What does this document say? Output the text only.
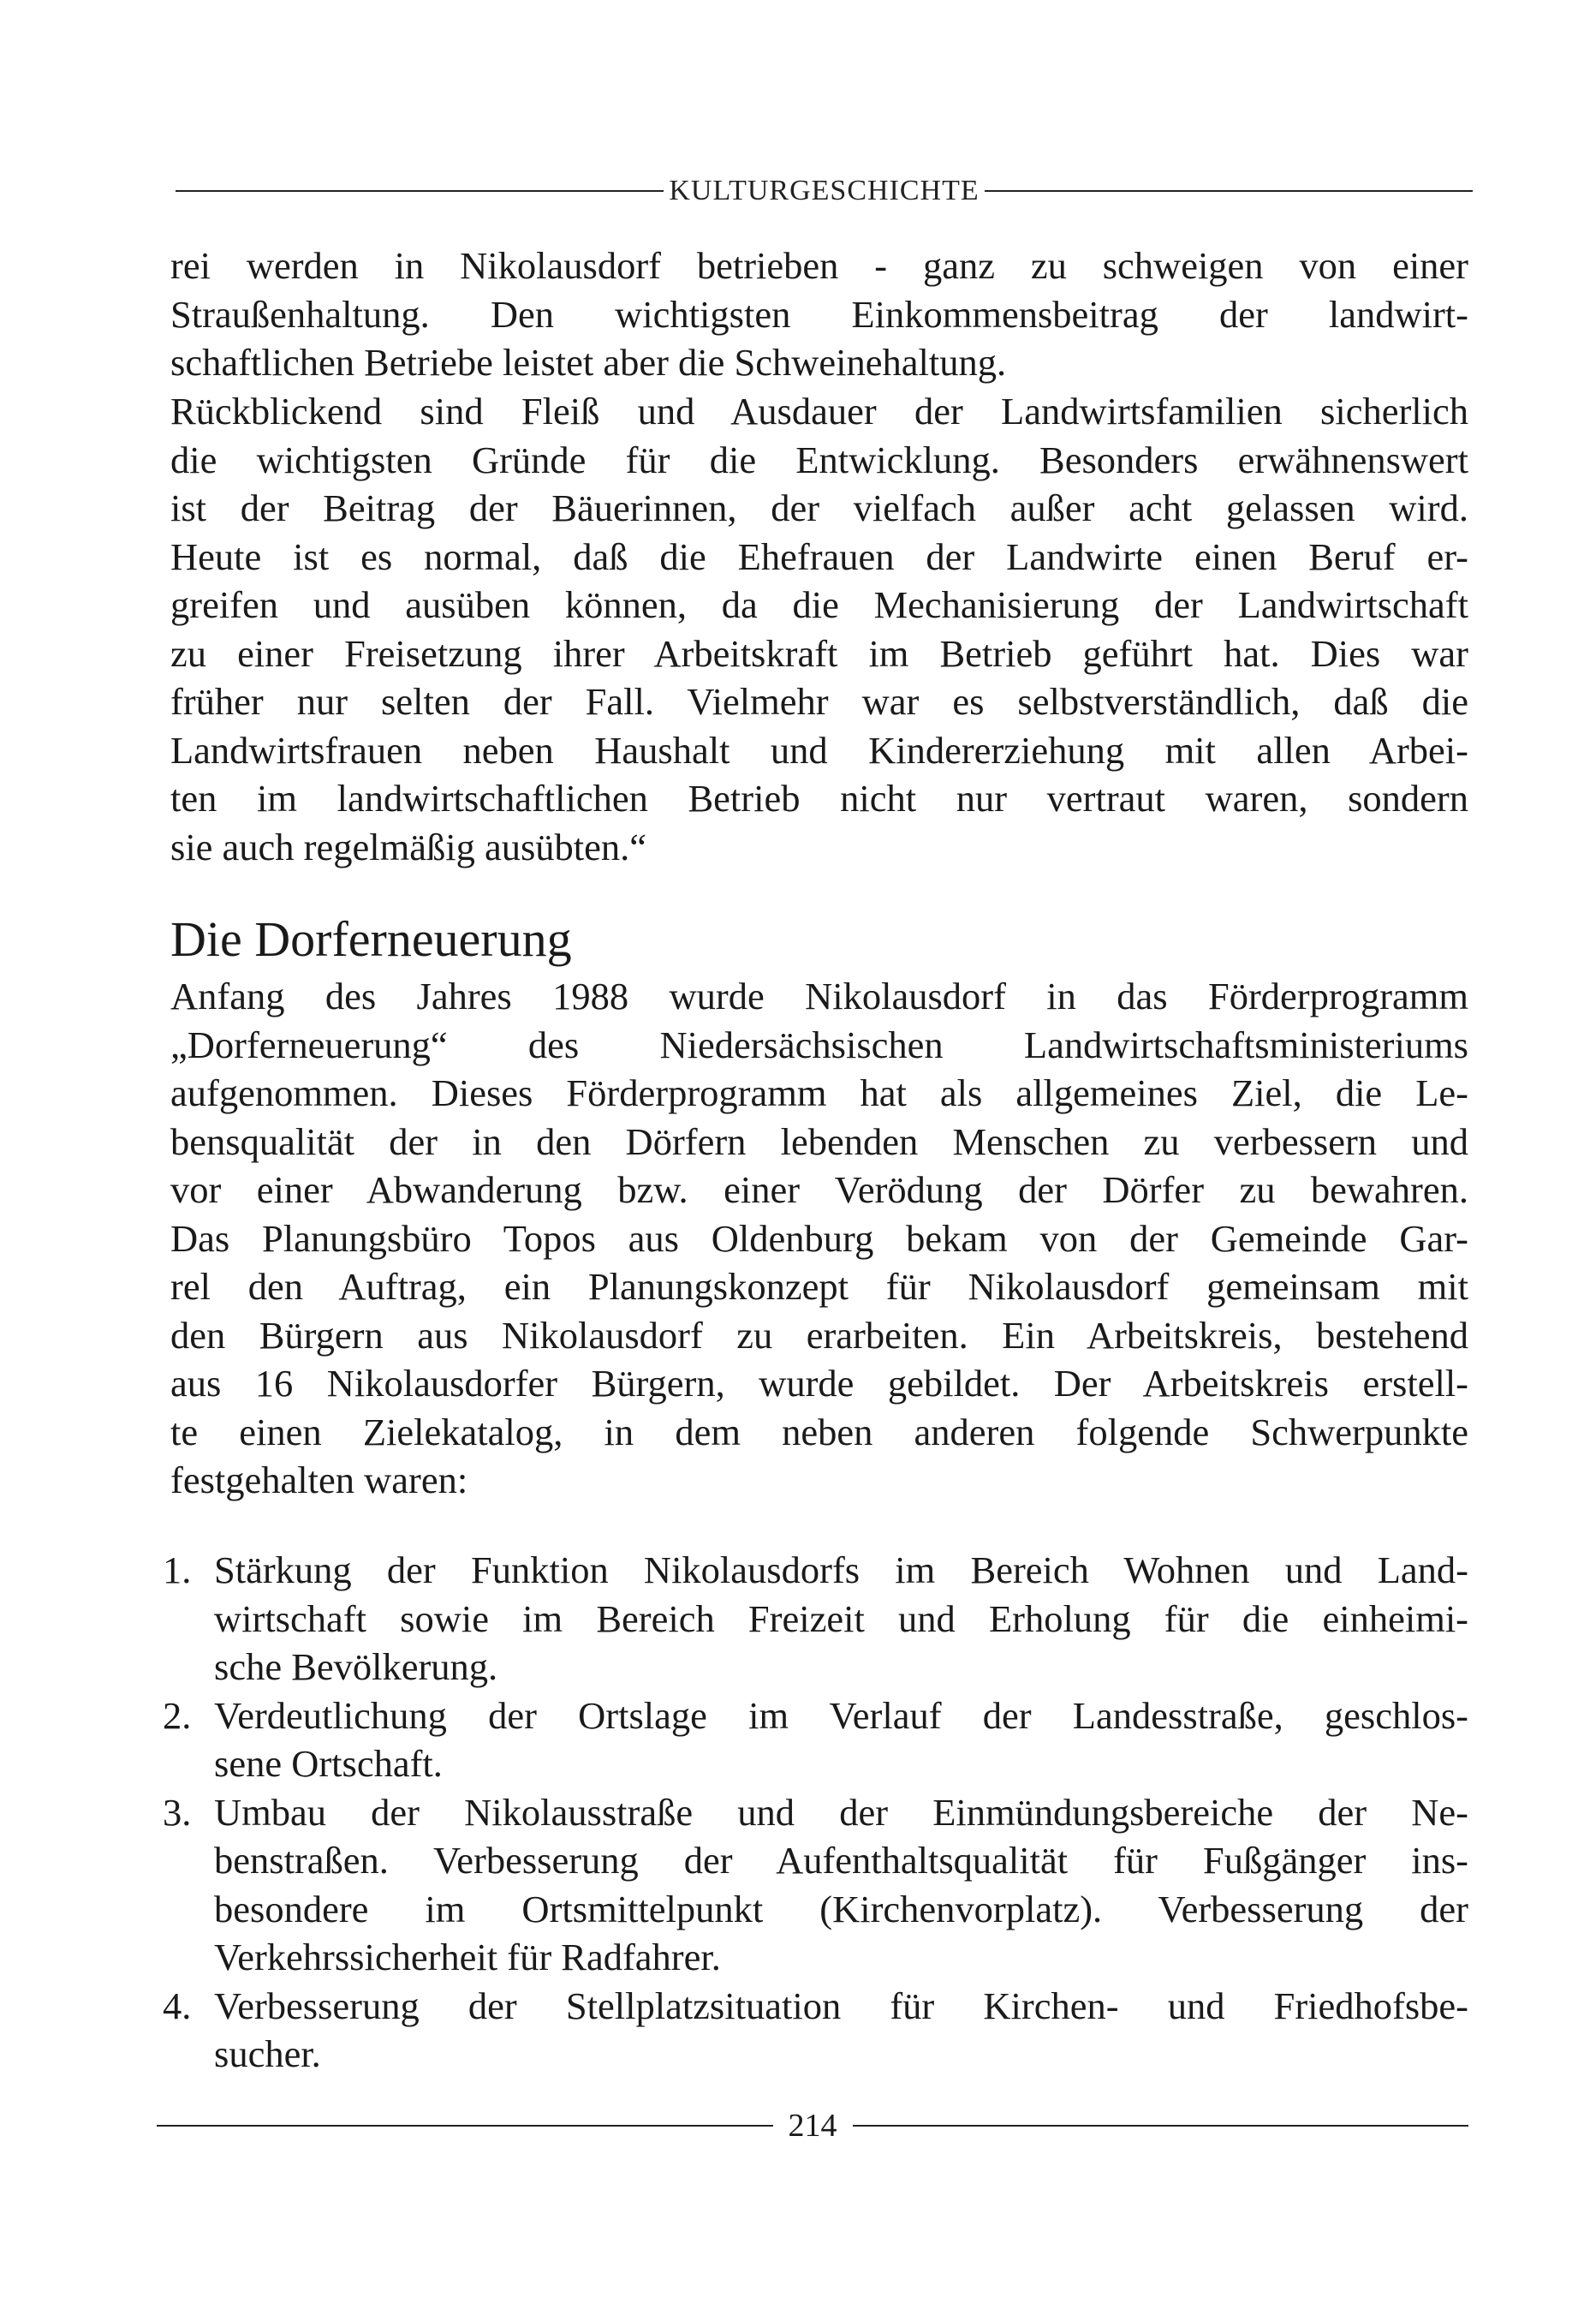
KULTURGESCHICHTE

rei werden in Nikolausdorf betrieben - ganz zu schweigen von einer
Straußenhaltung. Den wichtigsten Einkommensbeitrag der landwirt-
schaftlichen Betriebe leistet aber die Schweinehaltung.

Rückblickend sind Fleiß und Ausdauer der Landwirtsfamilien sicherlich
die wichtigsten Gründe für die Entwicklung. Besonders erwähnenswert
ist der Beitrag der Bäuerinnen, der vielfach außer acht gelassen wird.
Heute ist es normal, daß die Ehefrauen der Landwirte einen Beruf er-
greifen und ausüben können, da die Mechanisierung der Landwirtschaft
zu einer Freisetzung ihrer Arbeitskraft im Betrieb geführt hat. Dies war
früher nur selten der Fall. Vielmehr war es selbstverständlich, daß die
Landwirtsfrauen neben Haushalt und Kindererziehung mit allen Arbei-
ten im landwirtschaftlichen Betrieb nicht nur vertraut waren, sondern
sie auch regelmäßig ausübten.“

Die Dorferneuerung

Anfang des Jahres 1988 wurde Nikolausdorf in das Förderprogramm
„Dorferneuerung“ des Niedersächsischen Landwirtschaftsministeriums
aufgenommen. Dieses Förderprogramm hat als allgemeines Ziel, die Le-
bensqualität der in den Dörfern lebenden Menschen zu verbessern und
vor einer Abwanderung bzw. einer Verödung der Dörfer zu bewahren.
Das Planungsbüro Topos aus Oldenburg bekam von der Gemeinde Gar-
rel den Auftrag, ein Planungskonzept für Nikolausdorf gemeinsam mit
den Bürgern aus Nikolausdorf zu erarbeiten. Ein Arbeitskreis, bestehend
aus 16 Nikolausdorfer Bürgern, wurde gebildet. Der Arbeitskreis erstell-
te einen Zielekatalog, in dem neben anderen folgende Schwerpunkte
festgehalten waren:

1. Stärkung der Funktion Nikolausdorfs im Bereich Wohnen und Land-
wirtschaft sowie im Bereich Freizeit und Erholung für die einheimi-
sche Bevölkerung.
2. Verdeutlichung der Ortslage im Verlauf der Landesstraße, geschlos-
sene Ortschaft.
3. Umbau der Nikolausstraße und der Einmündungsbereiche der Ne-
benstraßen. Verbesserung der Aufenthaltsqualität für Fußgänger ins-
besondere im Ortsmittelpunkt (Kirchenvorplatz). Verbesserung der
Verkehrssicherheit für Radfahrer.
4. Verbesserung der Stellplatzsituation für Kirchen- und Friedhofsbe-
sucher.
214
